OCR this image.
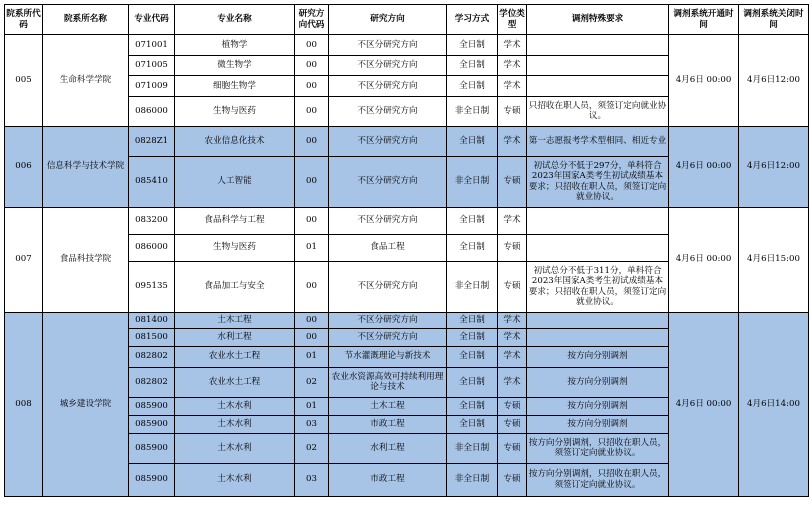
院系所代码	院系所名称	专业代码	专业名称	研究方向代码	研究方向	学习方式	学位类型	调剂特殊要求	调剂系统开通时间	调剂系统关闭时间
005	生命科学学院	071001	植物学	00	不区分研究方向	全日制	学术		4月6日 00:00	4月6日12:00
		071005	微生物学	00	不区分研究方向	全日制	学术			
		071009	细胞生物学	00	不区分研究方向	全日制	学术			
		086000	生物与医药	00	不区分研究方向	非全日制	专硕	只招收在职人员，须签订定向就业协议。		
006	信息科学与技术学院	0828Z1	农业信息化技术	00	不区分研究方向	全日制	学术	第一志愿报考学术型相同、相近专业	4月6日 00:00	4月6日12:00
		085410	人工智能	00	不区分研究方向	非全日制	专硕	初试总分不低于297分，单科符合2023年国家A类考生初试成绩基本要求；只招收在职人员，须签订定向就业协议。		
007	食品科技学院	083200	食品科学与工程	00	不区分研究方向	全日制	学术		4月6日 00:00	4月6日15:00
		086000	生物与医药	01	食品工程	全日制	专硕			
		095135	食品加工与安全	00	不区分研究方向	非全日制	专硕	初试总分不低于311分，单科符合2023年国家A类考生初试成绩基本要求；只招收在职人员，须签订定向就业协议。		
008	城乡建设学院	081400	土木工程	00	不区分研究方向	全日制	学术		4月6日 00:00	4月6日14:00
		081500	水利工程	00	不区分研究方向	全日制	学术			
		082802	农业水土工程	01	节水灌溉理论与新技术	全日制	学术	按方向分别调剂		
		082802	农业水土工程	02	农业水资源高效可持续利用理论与技术	全日制	学术	按方向分别调剂		
		085900	土木水利	01	土木工程	全日制	专硕	按方向分别调剂		
		085900	土木水利	03	市政工程	全日制	专硕	按方向分别调剂		
		085900	土木水利	02	水利工程	非全日制	专硕	按方向分别调剂，只招收在职人员，须签订定向就业协议。		
		085900	土木水利	03	市政工程	非全日制	专硕	按方向分别调剂，只招收在职人员，须签订定向就业协议。		
